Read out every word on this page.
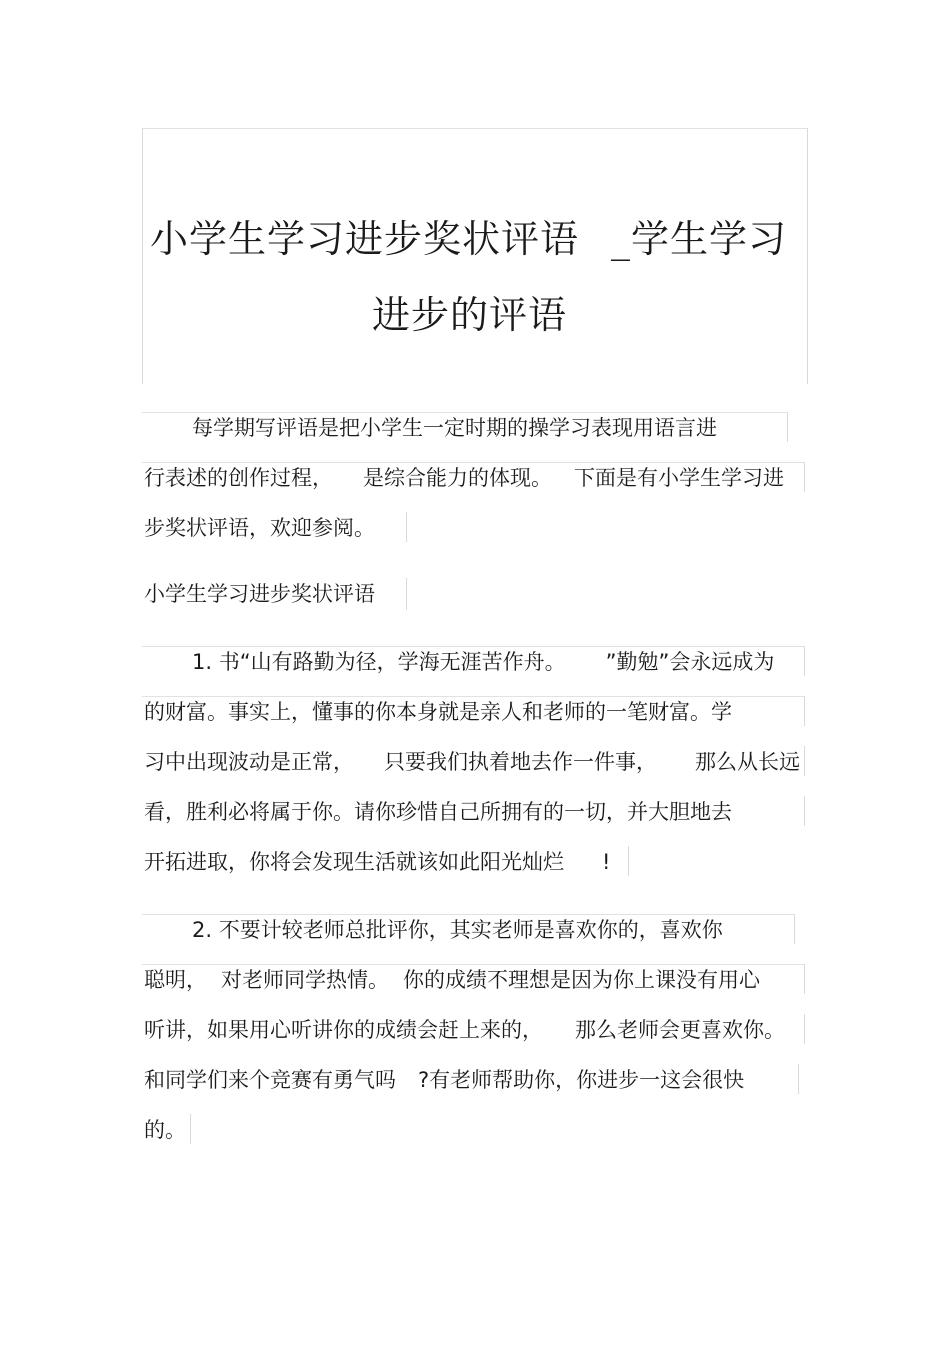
小学生学习进步奖状评语 _学生学习
进步的评语
每学期写评语是把小学生一定时期的操学习表现用语言进
行表述的创作过程， 是综合能力的体现。 下面是有小学生学习进
步奖状评语，欢迎参阅。
小学生学习进步奖状评语
1. 书“山有路勤为径，学海无涯苦作舟。 ”勤勉”会永远成为
的财富。事实上，懂事的你本身就是亲人和老师的一笔财富。学
习中出现波动是正常， 只要我们执着地去作一件事， 那么从长远
看，胜利必将属于你。请你珍惜自己所拥有的一切，并大胆地去
开拓进取，你将会发现生活就该如此阳光灿烂 !
2. 不要计较老师总批评你，其实老师是喜欢你的，喜欢你
聪明， 对老师同学热情。 你的成绩不理想是因为你上课没有用心
听讲，如果用心听讲你的成绩会赶上来的， 那么老师会更喜欢你。
和同学们来个竞赛有勇气吗 ?有老师帮助你，你进步一这会很快
的。
